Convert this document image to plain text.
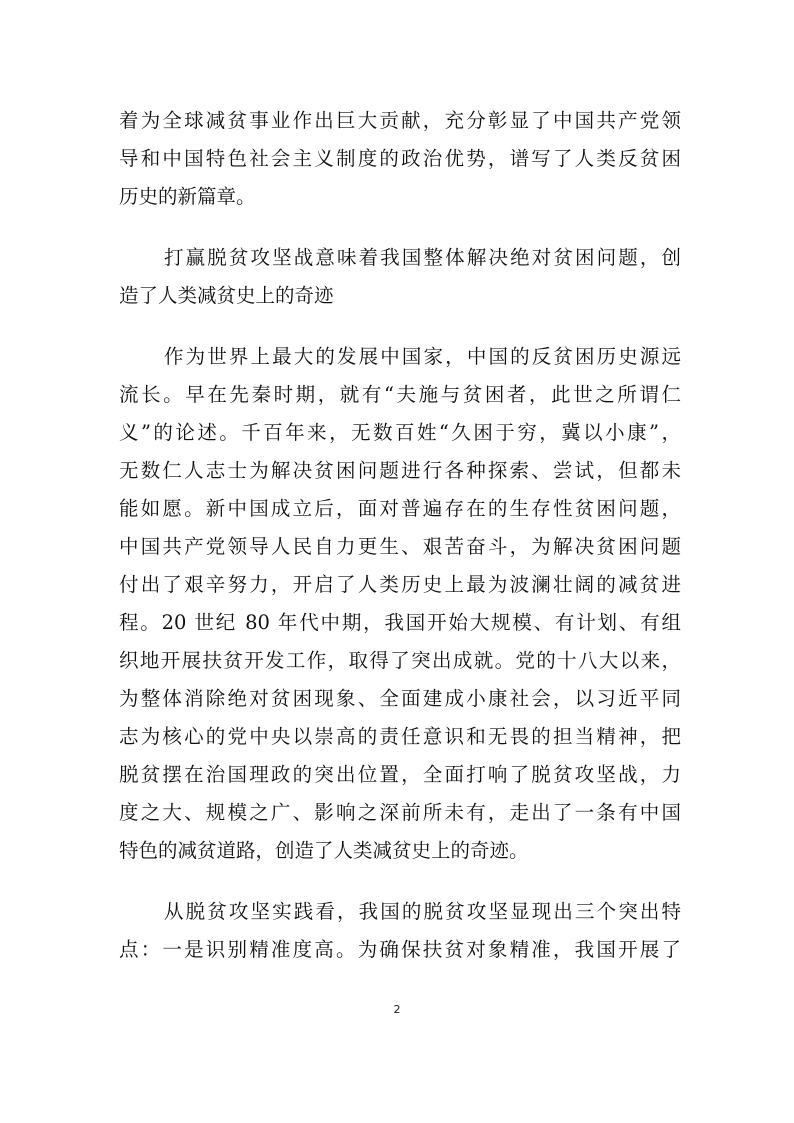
着为全球减贫事业作出巨大贡献，充分彰显了中国共产党领
导和中国特色社会主义制度的政治优势，谱写了人类反贫困
历史的新篇章。
打赢脱贫攻坚战意味着我国整体解决绝对贫困问题，创
造了人类减贫史上的奇迹
作为世界上最大的发展中国家，中国的反贫困历史源远
流长。早在先秦时期，就有“夫施与贫困者，此世之所谓仁
义”的论述。千百年来，无数百姓“久困于穷，冀以小康”，
无数仁人志士为解决贫困问题进行各种探索、尝试，但都未
能如愿。新中国成立后，面对普遍存在的生存性贫困问题，
中国共产党领导人民自力更生、艰苦奋斗，为解决贫困问题
付出了艰辛努力，开启了人类历史上最为波澜壮阔的减贫进
程。20 世纪 80 年代中期，我国开始大规模、有计划、有组
织地开展扶贫开发工作，取得了突出成就。党的十八大以来，
为整体消除绝对贫困现象、全面建成小康社会，以习近平同
志为核心的党中央以崇高的责任意识和无畏的担当精神，把
脱贫摆在治国理政的突出位置，全面打响了脱贫攻坚战，力
度之大、规模之广、影响之深前所未有，走出了一条有中国
特色的减贫道路，创造了人类减贫史上的奇迹。
从脱贫攻坚实践看，我国的脱贫攻坚显现出三个突出特
点：一是识别精准度高。为确保扶贫对象精准，我国开展了
2
